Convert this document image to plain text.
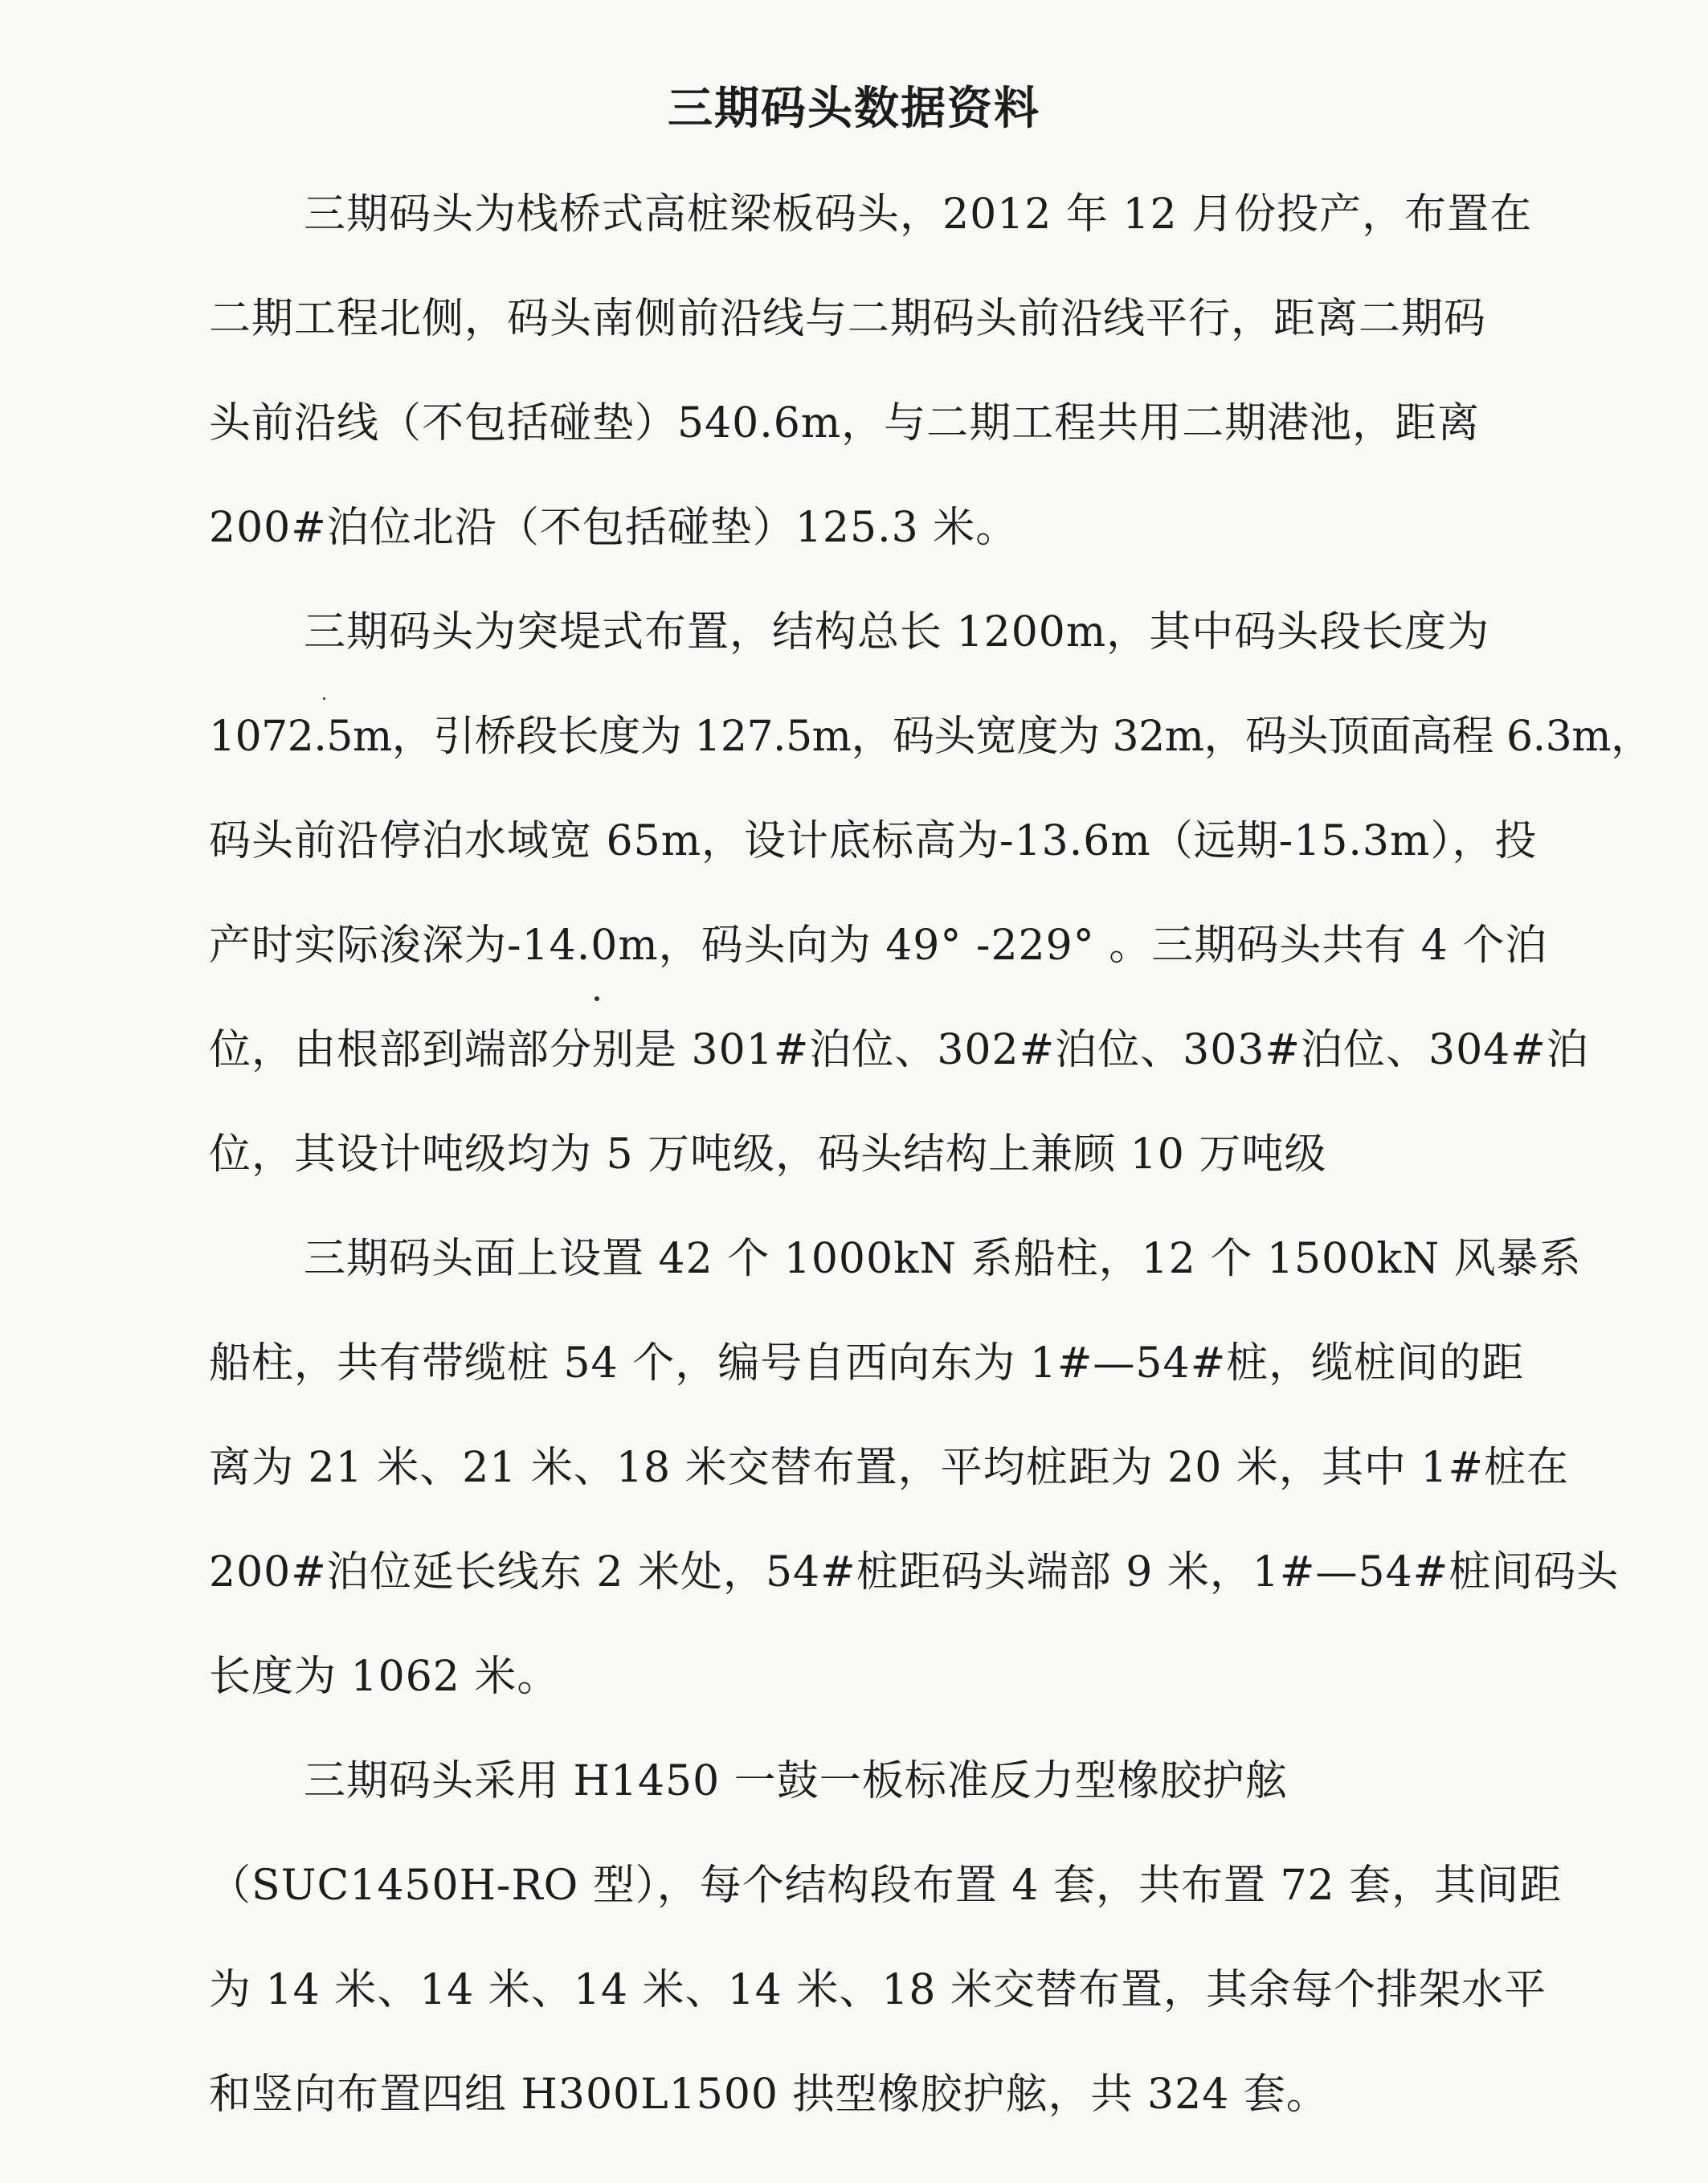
三期码头数据资料
三期码头为栈桥式高桩梁板码头，2012 年 12 月份投产，布置在
二期工程北侧，码头南侧前沿线与二期码头前沿线平行，距离二期码
头前沿线（不包括碰垫）540.6m，与二期工程共用二期港池，距离
200#泊位北沿（不包括碰垫）125.3 米。
三期码头为突堤式布置，结构总长 1200m，其中码头段长度为
1072.5m，引桥段长度为 127.5m，码头宽度为 32m，码头顶面高程 6.3m，
码头前沿停泊水域宽 65m，设计底标高为-13.6m（远期-15.3m），投
产时实际浚深为-14.0m，码头向为 49° -229° 。三期码头共有 4 个泊
位，由根部到端部分别是 301#泊位、302#泊位、303#泊位、304#泊
位，其设计吨级均为 5 万吨级，码头结构上兼顾 10 万吨级
三期码头面上设置 42 个 1000kN 系船柱，12 个 1500kN 风暴系
船柱，共有带缆桩 54 个，编号自西向东为 1#—54#桩，缆桩间的距
离为 21 米、21 米、18 米交替布置，平均桩距为 20 米，其中 1#桩在
200#泊位延长线东 2 米处，54#桩距码头端部 9 米，1#—54#桩间码头
长度为 1062 米。
三期码头采用 H1450 一鼓一板标准反力型橡胶护舷
（SUC1450H-RO 型），每个结构段布置 4 套，共布置 72 套，其间距
为 14 米、14 米、14 米、14 米、18 米交替布置，其余每个排架水平
和竖向布置四组 H300L1500 拱型橡胶护舷，共 324 套。
